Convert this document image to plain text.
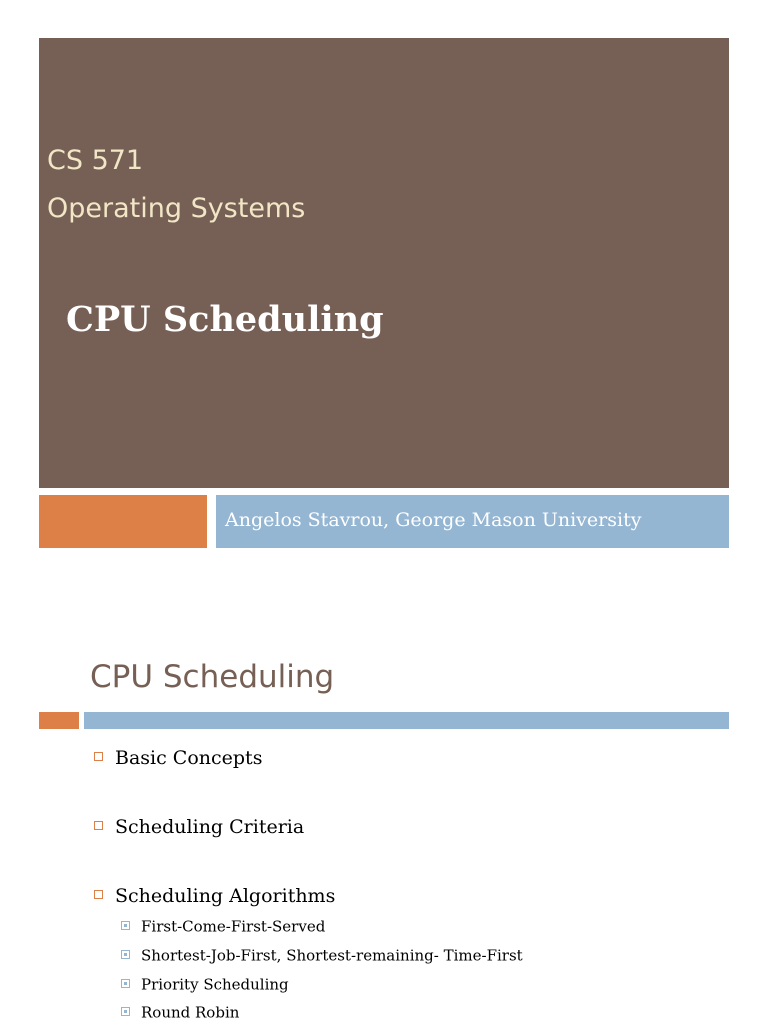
CS 571
Operating Systems
CPU Scheduling
Angelos Stavrou, George Mason University
CPU Scheduling
Basic Concepts
Scheduling Criteria
Scheduling Algorithms
First-Come-First-Served
Shortest-Job-First, Shortest-remaining- Time-First
Priority Scheduling
Round Robin
